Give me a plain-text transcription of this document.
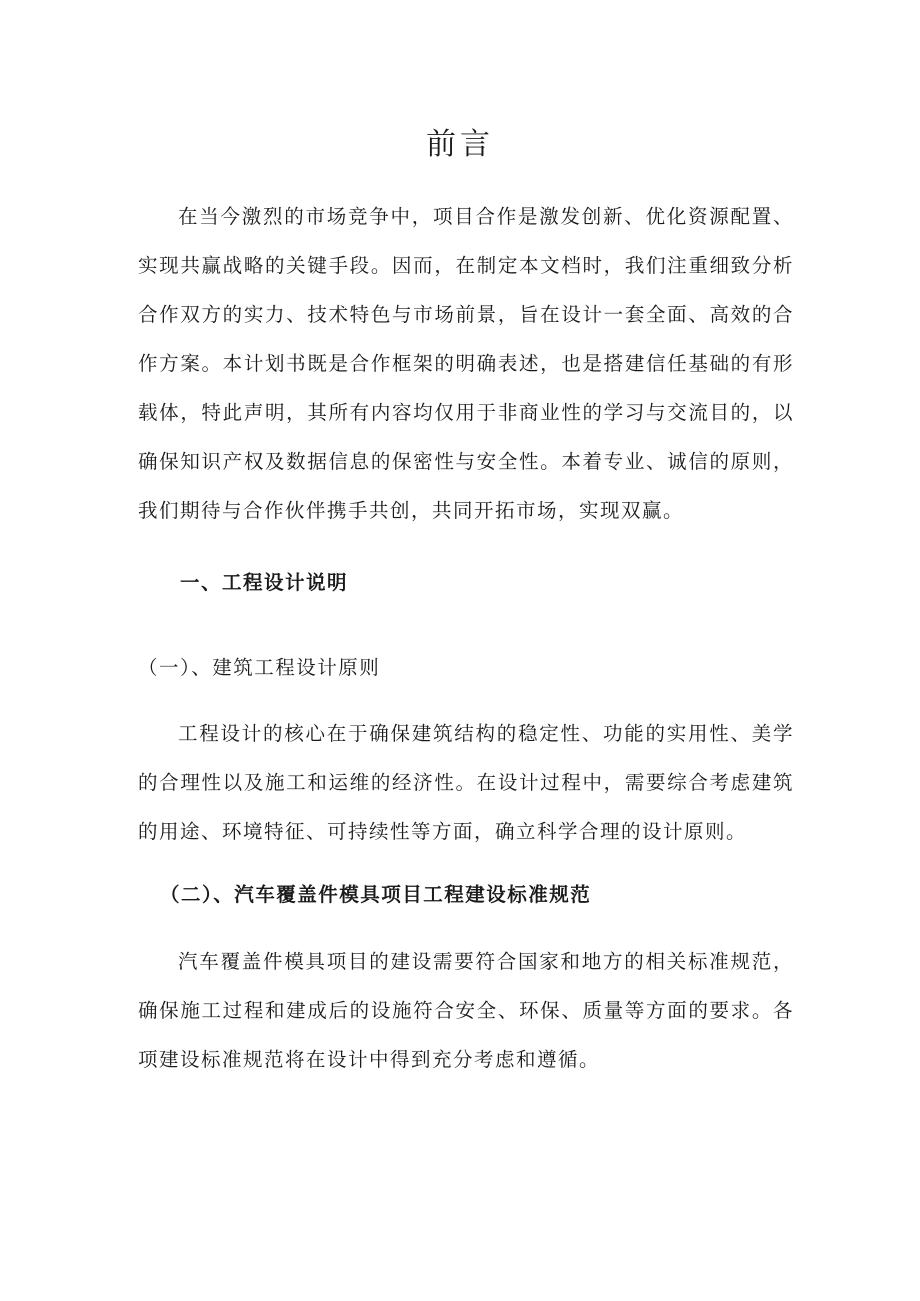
前言

在当今激烈的市场竞争中，项目合作是激发创新、优化资源配置、实现共赢战略的关键手段。因而，在制定本文档时，我们注重细致分析合作双方的实力、技术特色与市场前景，旨在设计一套全面、高效的合作方案。本计划书既是合作框架的明确表述，也是搭建信任基础的有形载体，特此声明，其所有内容均仅用于非商业性的学习与交流目的，以确保知识产权及数据信息的保密性与安全性。本着专业、诚信的原则，我们期待与合作伙伴携手共创，共同开拓市场，实现双赢。

一、工程设计说明
（一）、建筑工程设计原则

工程设计的核心在于确保建筑结构的稳定性、功能的实用性、美学的合理性以及施工和运维的经济性。在设计过程中，需要综合考虑建筑的用途、环境特征、可持续性等方面，确立科学合理的设计原则。

（二）、汽车覆盖件模具项目工程建设标准规范

汽车覆盖件模具项目的建设需要符合国家和地方的相关标准规范，确保施工过程和建成后的设施符合安全、环保、质量等方面的要求。各项建设标准规范将在设计中得到充分考虑和遵循。
